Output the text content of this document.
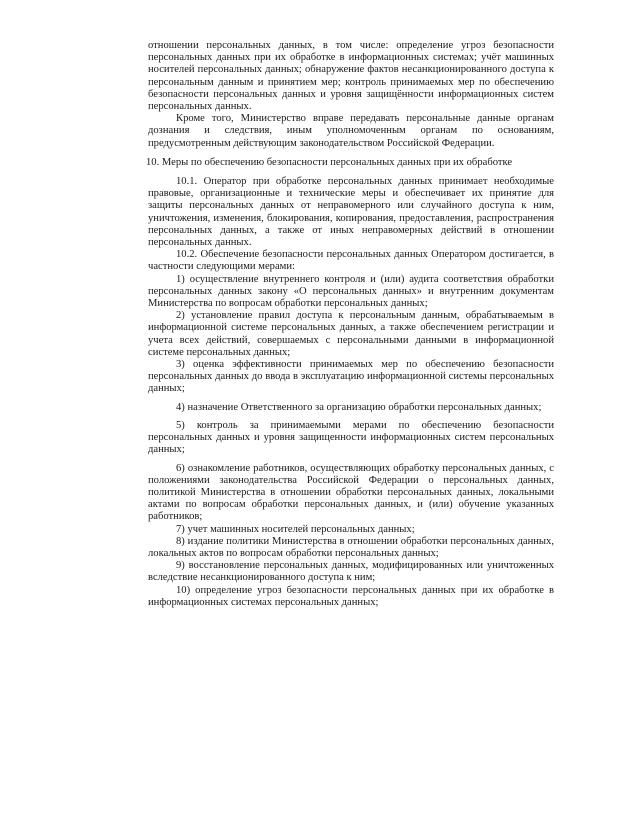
отношении персональных данных, в том числе: определение угроз безопасности персональных данных при их обработке в информационных системах; учёт машинных носителей персональных данных; обнаружение фактов несанкционированного доступа к персональным данным и принятием мер; контроль принимаемых мер по обеспечению безопасности персональных данных и уровня защищённости информационных систем персональных данных.

Кроме того, Министерство вправе передавать персональные данные органам дознания и следствия, иным уполномоченным органам по основаниям, предусмотренным действующим законодательством Российской Федерации.

10. Меры по обеспечению безопасности персональных данных при их обработке

10.1. Оператор при обработке персональных данных принимает необходимые правовые, организационные и технические меры и обеспечивает их принятие для защиты персональных данных от неправомерного или случайного доступа к ним, уничтожения, изменения, блокирования, копирования, предоставления, распространения персональных данных, а также от иных неправомерных действий в отношении персональных данных.

10.2. Обеспечение безопасности персональных данных Оператором достигается, в частности следующими мерами:

1) осуществление внутреннего контроля и (или) аудита соответствия обработки персональных данных закону «О персональных данных» и внутренним документам Министерства по вопросам обработки персональных данных;

2) установление правил доступа к персональным данным, обрабатываемым в информационной системе персональных данных, а также обеспечением регистрации и учета всех действий, совершаемых с персональными данными в информационной системе персональных данных;

3) оценка эффективности принимаемых мер по обеспечению безопасности персональных данных до ввода в эксплуатацию информационной системы персональных данных;

4) назначение Ответственного за организацию обработки персональных данных;

5) контроль за принимаемыми мерами по обеспечению безопасности персональных данных и уровня защищенности информационных систем персональных данных;

6) ознакомление работников, осуществляющих обработку персональных данных, с положениями законодательства Российской Федерации о персональных данных, политикой Министерства в отношении обработки персональных данных, локальными актами по вопросам обработки персональных данных, и (или) обучение указанных работников;

7) учет машинных носителей персональных данных;

8) издание политики Министерства в отношении обработки персональных данных, локальных актов по вопросам обработки персональных данных;

9) восстановление персональных данных, модифицированных или уничтоженных вследствие несанкционированного доступа к ним;

10) определение угроз безопасности персональных данных при их обработке в информационных системах персональных данных;
